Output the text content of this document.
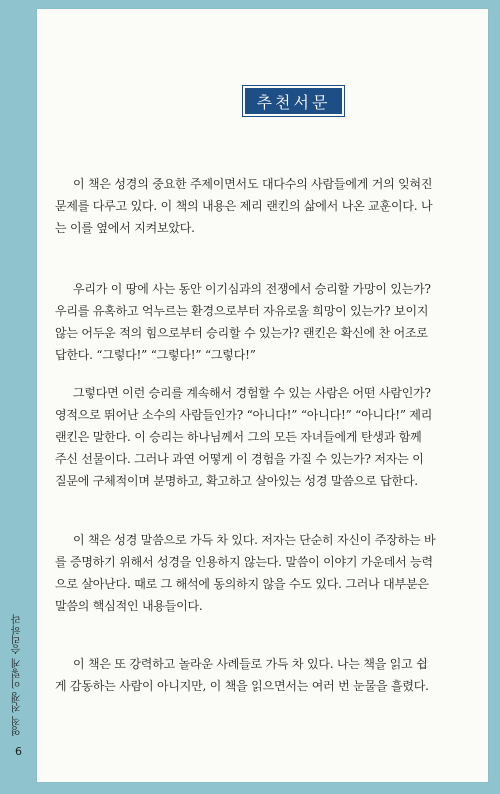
영적 전쟁 이렇게 승리하라
6
추천서문
이 책은 성경의 중요한 주제이면서도 대다수의 사람들에게 거의 잊혀진
문제를 다루고 있다. 이 책의 내용은 제리 랜킨의 삶에서 나온 교훈이다. 나
는 이를 옆에서 지켜보았다.
우리가 이 땅에 사는 동안 이기심과의 전쟁에서 승리할 가망이 있는가?
우리를 유혹하고 억누르는 환경으로부터 자유로울 희망이 있는가? 보이지
않는 어두운 적의 힘으로부터 승리할 수 있는가? 랜킨은 확신에 찬 어조로
답한다. “그렇다!” “그렇다!” “그렇다!”
그렇다면 이런 승리를 계속해서 경험할 수 있는 사람은 어떤 사람인가?
영적으로 뛰어난 소수의 사람들인가? “아니다!” “아니다!” “아니다!” 제리
랜킨은 말한다. 이 승리는 하나님께서 그의 모든 자녀들에게 탄생과 함께
주신 선물이다. 그러나 과연 어떻게 이 경험을 가질 수 있는가? 저자는 이
질문에 구체적이며 분명하고, 확고하고 살아있는 성경 말씀으로 답한다.
이 책은 성경 말씀으로 가득 차 있다. 저자는 단순히 자신이 주장하는 바
를 증명하기 위해서 성경을 인용하지 않는다. 말씀이 이야기 가운데서 능력
으로 살아난다. 때로 그 해석에 동의하지 않을 수도 있다. 그러나 대부분은
말씀의 핵심적인 내용들이다.
이 책은 또 강력하고 놀라운 사례들로 가득 차 있다. 나는 책을 읽고 쉽
게 감동하는 사람이 아니지만, 이 책을 읽으면서는 여러 번 눈물을 흘렸다.
